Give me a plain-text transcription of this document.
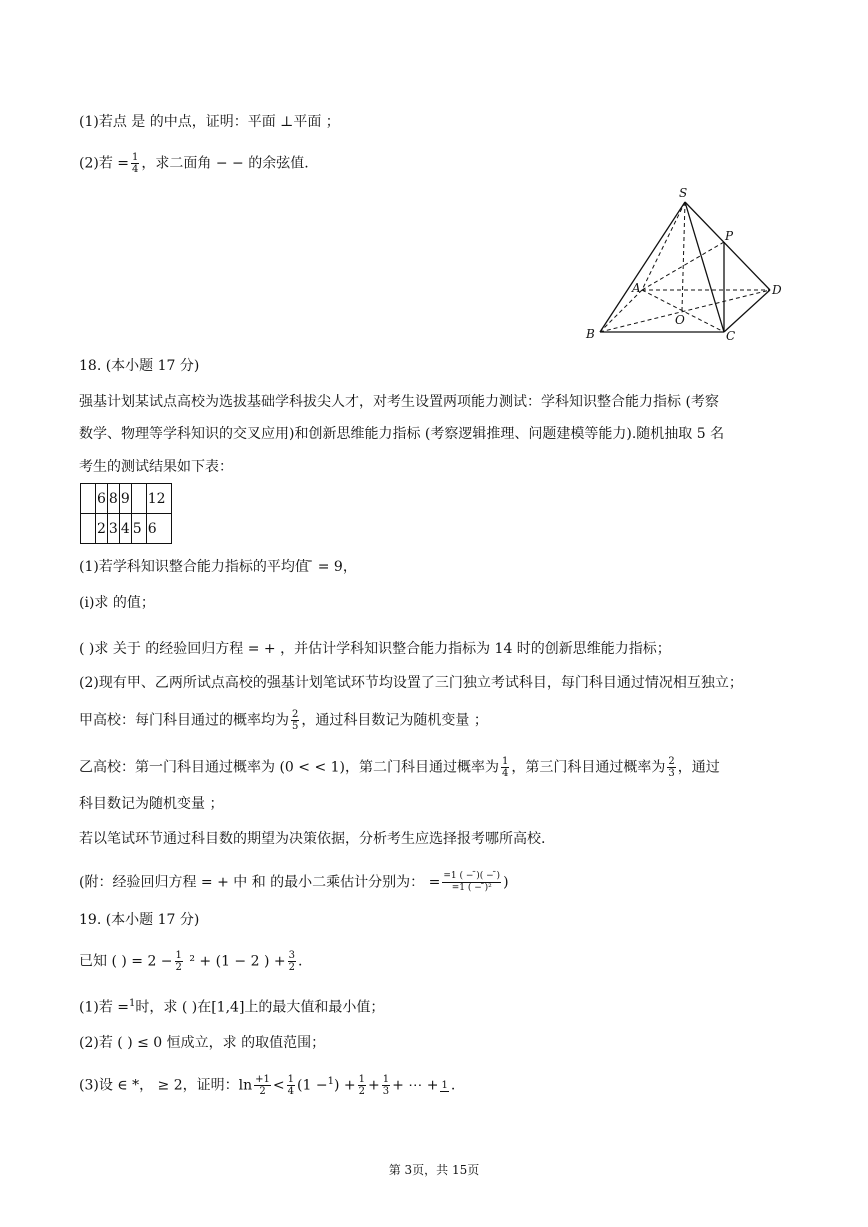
(1)若点 是 的中点，证明：平面 ⊥平面 ；
(2)若 = $\frac{1}{4}$ ，求二面角 − − 的余弦值.
S
P
A	D
O
B	C
18. (本小题 17 分)
强基计划某试点高校为选拔基础学科拔尖人才，对考生设置两项能力测试：学科知识整合能力指标 (考察
数学、物理等学科知识的交叉应用)和创新思维能力指标 (考察逻辑推理、问题建模等能力).随机抽取 5 名
考生的测试结果如下表：
	6	8	9		12
	2	3	4	5	6
(1)若学科知识整合能力指标的平均值 ̄ = 9，
(i)求 的值；
( )求 关于 的经验回归方程 = + ，并估计学科知识整合能力指标为 14 时的创新思维能力指标；
(2)现有甲、乙两所试点高校的强基计划笔试环节均设置了三门独立考试科目，每门科目通过情况相互独立；
甲高校：每门科目通过的概率均为 $\frac{2}{5}$ ，通过科目数记为随机变量 ；
乙高校：第一门科目通过概率为 (0 < < 1)，第二门科目通过概率为 $\frac{1}{4}$ ，第三门科目通过概率为 $\frac{2}{3}$ ，通过
科目数记为随机变量 ；
若以笔试环节通过科目数的期望为决策依据，分析考生应选择报考哪所高校.
(附：经验回归方程 = + 中 和 的最小二乘估计分别为： = $\frac{=1 ( - ̄)( - ̄)}{\text{=1 ( − ̄)²}}$ )
19. (本小题 17 分)
已知 ( ) = $2 - \frac{1}{2} ^2 + (1 - 2$ ) + $\frac{3}{2}$ .
(1)若 =$^1$时，求 ( )在[1,4]上的最大值和最小值；
(2)若 ( ) ≤ 0 恒成立，求 的取值范围；
(3)设 ∈ *， ≥ 2，证明：$\ln \frac{+1}{2} < \frac{1}{4} (1 -^1) + \frac{1}{2} + \frac{1}{3}$ + ⋯ + 1 .
第 3页，共 15页
